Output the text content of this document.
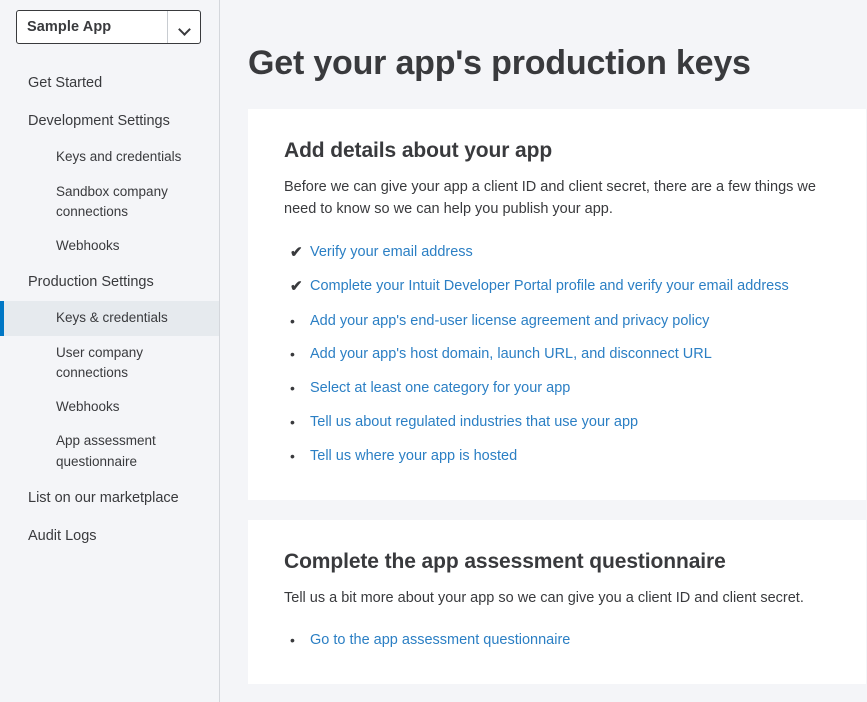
Sample App
Get Started
Development Settings
Keys and credentials
Sandbox company connections
Webhooks
Production Settings
Keys & credentials
User company connections
Webhooks
App assessment questionnaire
List on our marketplace
Audit Logs
Get your app's production keys
Add details about your app

Before we can give your app a client ID and client secret, there are a few things we need to know so we can help you publish your app.

✔ Verify your email address
✔ Complete your Intuit Developer Portal profile and verify your email address
•	Add your app's end-user license agreement and privacy policy
•	Add your app's host domain, launch URL, and disconnect URL
•	Select at least one category for your app
•	Tell us about regulated industries that use your app
•	Tell us where your app is hosted
Complete the app assessment questionnaire

Tell us a bit more about your app so we can give you a client ID and client secret.

•	Go to the app assessment questionnaire
